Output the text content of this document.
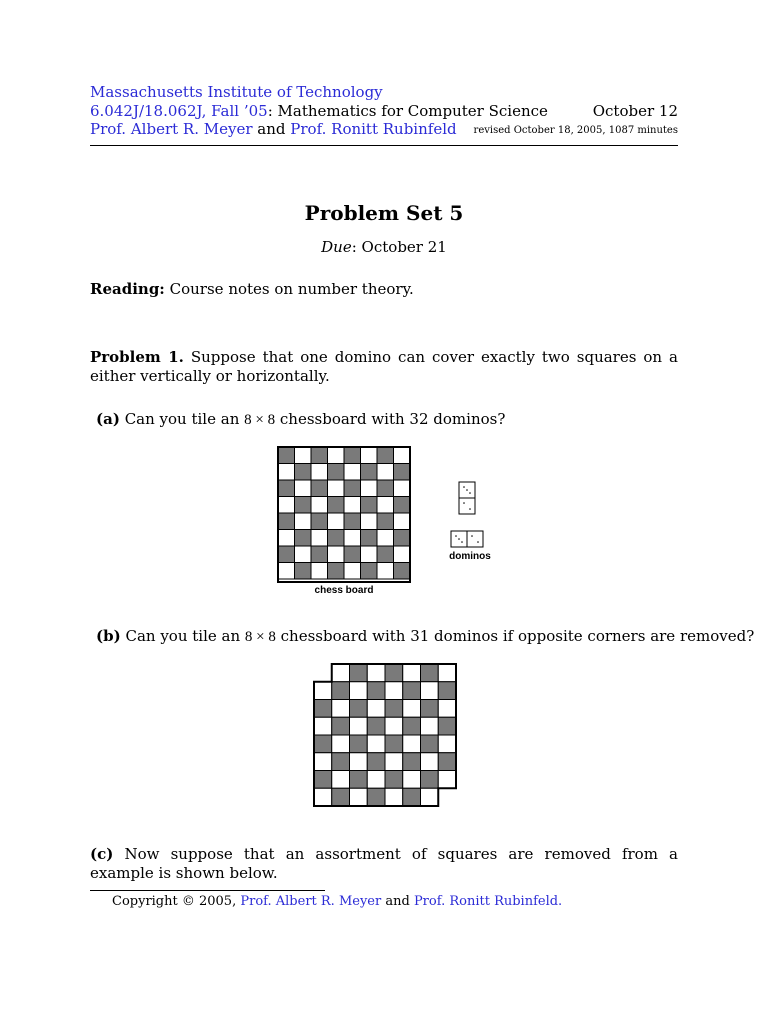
Massachusetts Institute of Technology
6.042J/18.062J, Fall ’05: Mathematics for Computer Science	October 12
Prof. Albert R. Meyer and Prof. Ronitt Rubinfeld revised October 18, 2005, 1087 minutes
Problem Set 5
Due: October 21
Reading: Course notes on number theory.
Problem 1. Suppose that one domino can cover exactly two squares on a
either vertically or horizontally.
(a) Can you tile an 8 × 8 chessboard with 32 dominos?
chess board
dominos
(b) Can you tile an 8 × 8 chessboard with 31 dominos if opposite corners are removed?
(c) Now suppose that an assortment of squares are removed from a
example is shown below.
Copyright © 2005, Prof. Albert R. Meyer and Prof. Ronitt Rubinfeld.
